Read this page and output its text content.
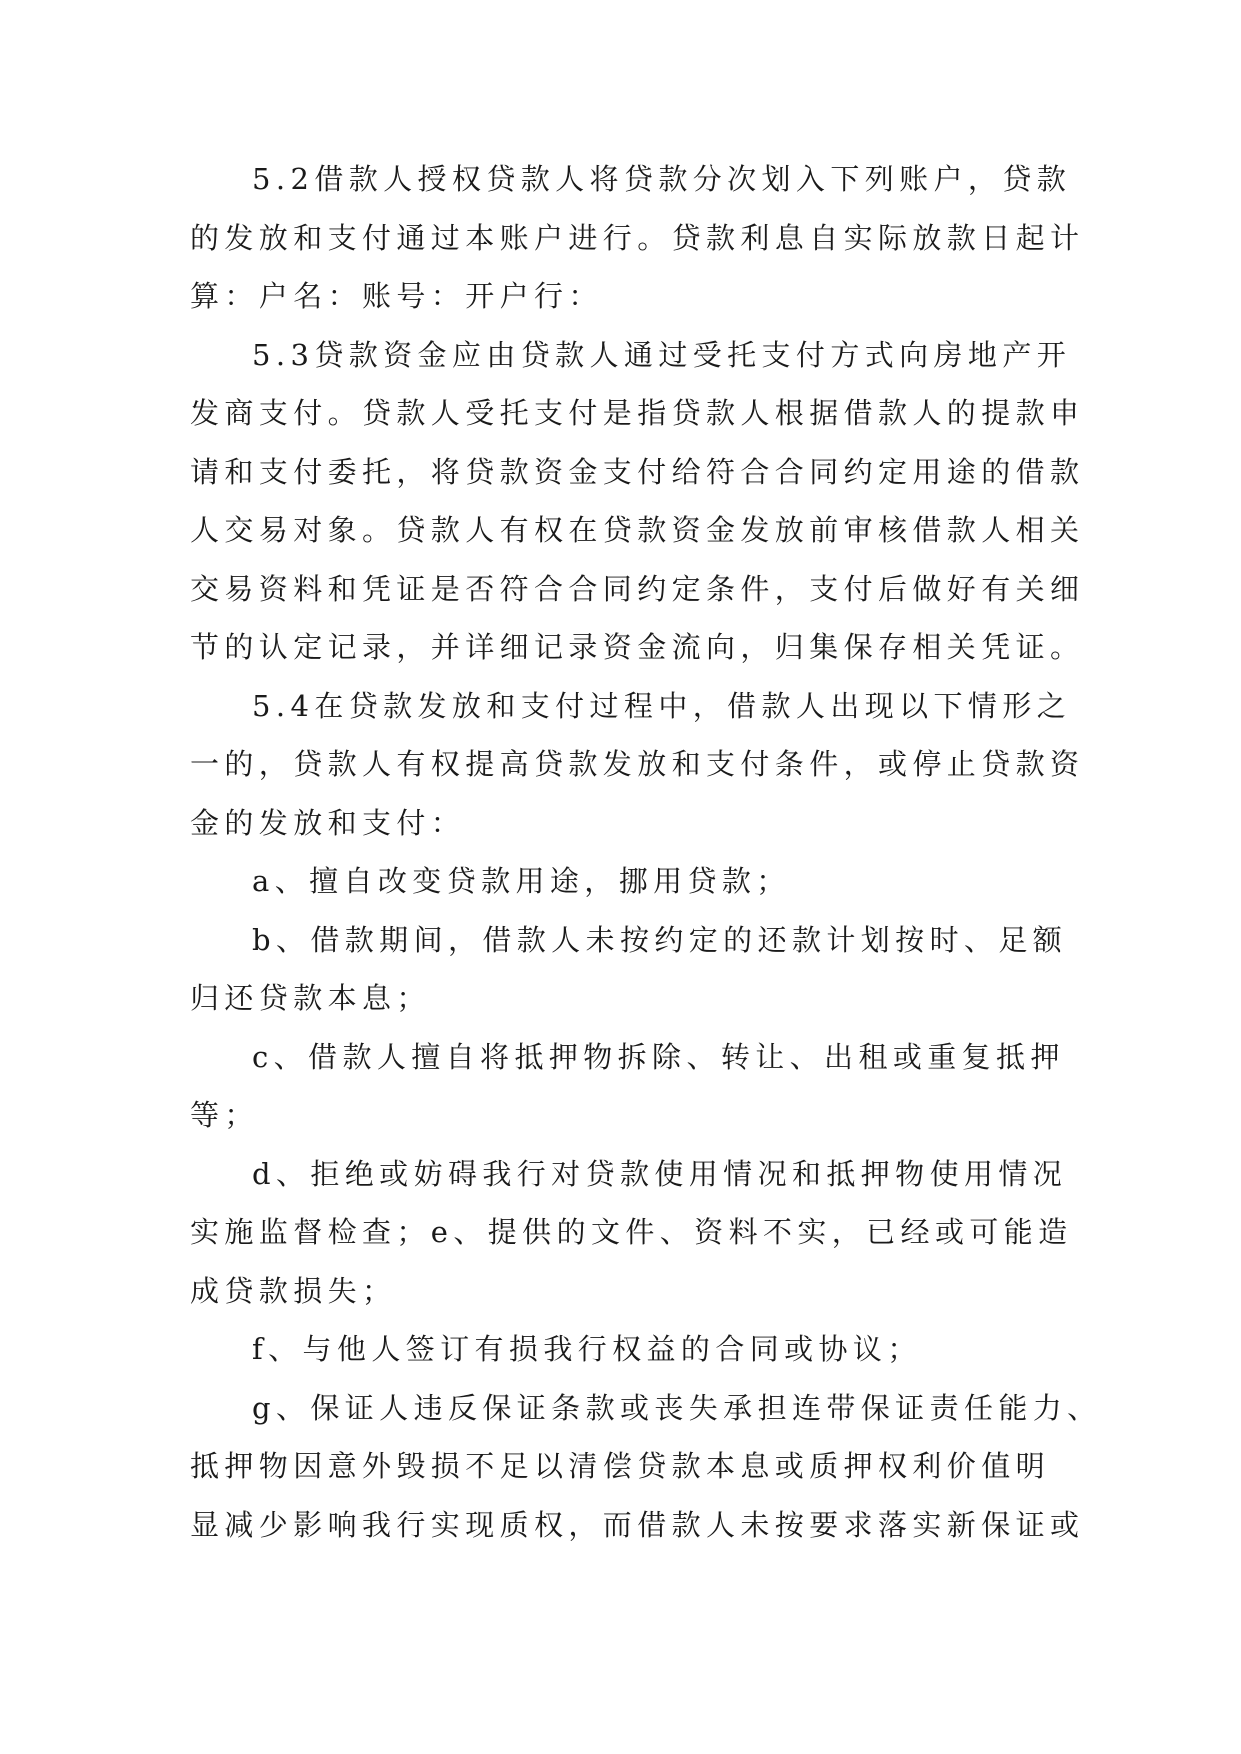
5.2借款人授权贷款人将贷款分次划入下列账户，贷款
的发放和支付通过本账户进行。贷款利息自实际放款日起计
算：户名：账号：开户行：
5.3贷款资金应由贷款人通过受托支付方式向房地产开
发商支付。贷款人受托支付是指贷款人根据借款人的提款申
请和支付委托，将贷款资金支付给符合合同约定用途的借款
人交易对象。贷款人有权在贷款资金发放前审核借款人相关
交易资料和凭证是否符合合同约定条件，支付后做好有关细
节的认定记录，并详细记录资金流向，归集保存相关凭证。
5.4在贷款发放和支付过程中，借款人出现以下情形之
一的，贷款人有权提高贷款发放和支付条件，或停止贷款资
金的发放和支付：
a、擅自改变贷款用途，挪用贷款；
b、借款期间，借款人未按约定的还款计划按时、足额
归还贷款本息；
c、借款人擅自将抵押物拆除、转让、出租或重复抵押
等；
d、拒绝或妨碍我行对贷款使用情况和抵押物使用情况
实施监督检查；e、提供的文件、资料不实，已经或可能造
成贷款损失；
f、与他人签订有损我行权益的合同或协议；
g、保证人违反保证条款或丧失承担连带保证责任能力、
抵押物因意外毁损不足以清偿贷款本息或质押权利价值明
显减少影响我行实现质权，而借款人未按要求落实新保证或
